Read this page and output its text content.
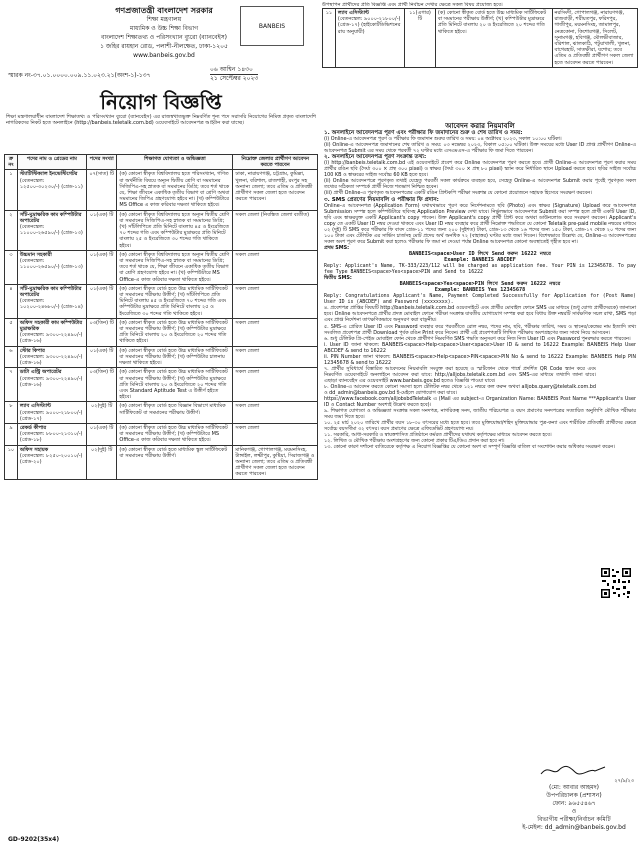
গণপ্রজাতন্ত্রী বাংলাদেশ সরকার
শিক্ষা মন্ত্রণালয়
মাধ্যমিক ও উচ্চ শিক্ষা বিভাগ
বাংলাদেশ শিক্ষাতথ্য ও পরিসংখ্যান ব্যুরো (ব্যানবেইস)
১ জহির রায়হান রোড, পলাশী-নীলক্ষেত, ঢাকা-১২০৫
www.banbeis.gov.bd
BANBEIS
স্মারক নং-৩৭.০১.০০০০.০০৯.১১.০২৩.২১(অংশ-১)-১৩৭
০৬ আশ্বিন ১৪৩০
২১ সেপ্টেম্বর ২০২৩
নিয়োগ বিজ্ঞপ্তি
শিক্ষা মন্ত্রণালয়াধীন বাংলাদেশ শিক্ষাতথ্য ও পরিসংখ্যান ব্যুরো (ব্যানবেইস) এর রাজস্বখাতভুক্ত নিম্নবর্ণিত শূন্য পদে সরাসরি নিয়োগের নিমিত্ত প্রকৃত বাংলাদেশি নাগরিকদের নিকট হতে অনলাইনে (http://banbeis.teletalk.com.bd) ওয়েবসাইটে আবেদনপত্র আহ্বান করা যাচ্ছে।
ক্র নং	পদের নাম ও গ্রেডের নাম	পদের সংখ্যা	শিক্ষাগত যোগ্যতা ও অভিজ্ঞতা	নিম্নোক্ত জেলার প্রার্থীগণ আবেদন করতে পারবেন
১	স্ট্যাটিস্টিক্যাল ইনভেস্টিগেটর
(বেতনস্কেল: ১২৫০০-৩০২৩০/-) (গ্রেড-১১)	০৭(সাত) টি	(ক) কোনো স্বীকৃত বিশ্ববিদ্যালয় হতে পরিসংখ্যান, গণিত বা অর্থনীতি বিষয়ে অন্যূন দ্বিতীয় শ্রেণি বা সমমানের সিজিপিএ-সহ স্নাতক বা সমমানের ডিগ্রি; তবে শর্ত থাকে যে, শিক্ষা জীবনে একাধিক তৃতীয় বিভাগ বা শ্রেণি অথবা সমমানের জিপিএ গ্রহণযোগ্য হইবে না। (খ) কম্পিউটারে MS Office এ কাজ করিবার দক্ষতা থাকিতে হইবে।	ঢাকা, নারায়ণগঞ্জ, চট্টগ্রাম, কুমিল্লা, খুলনা, বরিশাল, রাজশাহী, রংপুর সহ অন্যান্য জেলা; তবে এতিম ও প্রতিবন্ধী প্রার্থীগণ সকল জেলা হতে আবেদন করতে পারবেন।
২	সাঁট-মুদ্রাক্ষরিক কাম কম্পিউটার অপারেটর
(বেতনস্কেল: ১১০০০-২৬৫৯০/-) (গ্রেড-১৩)	০১(এক) টি	(ক) কোনো স্বীকৃত বিশ্ববিদ্যালয় হতে অন্যূন দ্বিতীয় শ্রেণি বা সমমানের সিজিপিএ-সহ স্নাতক বা সমমানের ডিগ্রি; (খ) সাঁটলিপিতে প্রতি মিনিটে বাংলায় ৪৫ ও ইংরেজিতে ৭০ শব্দের গতি এবং কম্পিউটার মুদ্রাক্ষরে প্রতি মিনিটে বাংলায় ২৫ ও ইংরেজিতে ৩০ শব্দের গতি থাকিতে হইবে।	সকল জেলা (নিবন্ধিত জেলা ব্যতীত)
৩	উচ্চমান সহকারী
(বেতনস্কেল: ১১০০০-২৬৫৯০/-) (গ্রেড-১৩)	০১(এক) টি	(ক) কোনো স্বীকৃত বিশ্ববিদ্যালয় হতে অন্যূন দ্বিতীয় শ্রেণি বা সমমানের সিজিপিএ-সহ স্নাতক বা সমমানের ডিগ্রি; তবে শর্ত থাকে যে, শিক্ষা জীবনে একাধিক তৃতীয় বিভাগ বা শ্রেণি গ্রহণযোগ্য হইবে না। (খ) কম্পিউটারে MS Office-এ কাজ করিবার দক্ষতা থাকিতে হইবে।	সকল জেলা
৪	সাঁট-মুদ্রাক্ষরিক কাম কম্পিউটার অপারেটর
(বেতনস্কেল: ১০২০০-২৪৬৮০/-) (গ্রেড-১৪)	০১(এক) টি	(ক) কোনো স্বীকৃত বোর্ড হতে উচ্চ মাধ্যমিক সার্টিফিকেট বা সমমানের পরীক্ষায় উত্তীর্ণ; (খ) সাঁটলিপিতে প্রতি মিনিটে বাংলায় ৪৫ ও ইংরেজিতে ৭০ শব্দের গতি এবং কম্পিউটার মুদ্রাক্ষরে প্রতি মিনিটে বাংলায় ২৫ ও ইংরেজিতে ৩০ শব্দের গতি থাকিতে হইবে।	সকল জেলা
৫	অফিস সহকারী কাম কম্পিউটার মুদ্রাক্ষরিক
(বেতনস্কেল: ৯৩০০-২২৪৯০/-) (গ্রেড-১৬)	০৩(তিন) টি	(ক) কোনো স্বীকৃত বোর্ড হতে উচ্চ মাধ্যমিক সার্টিফিকেট বা সমমানের পরীক্ষায় উত্তীর্ণ; (খ) কম্পিউটার মুদ্রাক্ষরে প্রতি মিনিটে বাংলায় ২০ ও ইংরেজিতে ২০ শব্দের গতি থাকিতে হইবে।	সকল জেলা
৬	স্টোর কিপার
(বেতনস্কেল: ৯৩০০-২২৪৯০/-) (গ্রেড-১৬)	০১(এক) টি	(ক) কোনো স্বীকৃত বোর্ড হতে উচ্চ মাধ্যমিক সার্টিফিকেট বা সমমানের পরীক্ষায় উত্তীর্ণ; (খ) কম্পিউটার চালনায় দক্ষতা থাকিতে হইবে।	সকল জেলা
৭	ডাটা এন্ট্রি অপারেটর
(বেতনস্কেল: ৯৩০০-২২৪৯০/-) (গ্রেড-১৬)	০৩(তিন) টি	(ক) কোনো স্বীকৃত বোর্ড হতে উচ্চ মাধ্যমিক সার্টিফিকেট বা সমমানের পরীক্ষায় উত্তীর্ণ; (খ) কম্পিউটার মুদ্রাক্ষরে প্রতি মিনিটে বাংলায় ২০ ও ইংরেজিতে ২০ শব্দের গতি এবং Standard Aptitude Test এ উত্তীর্ণ হইতে হইবে।	সকল জেলা
৮	ল্যাব এসিস্ট্যান্ট
(বেতনস্কেল: ৯০০০-২১৮০০/-) (গ্রেড-১৭)	০২(দুই) টি	(ক) কোনো স্বীকৃত বোর্ড হতে বিজ্ঞান বিভাগে মাধ্যমিক সার্টিফিকেট বা সমমানের পরীক্ষায় উত্তীর্ণ।	সকল জেলা
৯	রেকর্ড কীপার
(বেতনস্কেল: ৮৮০০-২১৩১০/-) (গ্রেড-১৮)	০১(এক) টি	(ক) কোনো স্বীকৃত বোর্ড হতে উচ্চ মাধ্যমিক সার্টিফিকেট বা সমমানের পরীক্ষায় উত্তীর্ণ; (খ) কম্পিউটারে MS Office-এ কাজ করিবার দক্ষতা থাকিতে হইবে।	সকল জেলা
১০	অফিস সহায়ক
(বেতনস্কেল: ৮২৫০-২০০১০/-) (গ্রেড-২০)	০২(দুই) টি	(ক) কোনো স্বীকৃত বোর্ড হতে মাধ্যমিক স্কুল সার্টিফিকেট বা সমমানের পরীক্ষায় উত্তীর্ণ।	মানিকগঞ্জ, গোপালগঞ্জ, ময়মনসিংহ, টাঙ্গাইল, লক্ষ্মীপুর, কুষ্টিয়া, সিরাজগঞ্জ ও অন্যান্য জেলা; তবে এতিম ও প্রতিবন্ধী প্রার্থীগণ সকল জেলা হতে আবেদন করতে পারবেন।
GD-9202(35x4)
উপস্থাপন প্রার্থীদের প্রতি বিজ্ঞপ্তি এবং প্রার্থী নির্বাচন দেখার ক্ষেত্রে সকল বিষয় প্রযোজ্য হবে।
১১	ল্যাব এসিস্ট্যান্ট
(বেতনস্কেল: ৯০০০-২১৮০০/-) (গ্রেড-১৭) (হাইকোর্টডিভিশনের রায় অনুযায়ী)
	১১(এগার) টি	(ক) কোনো স্বীকৃত বোর্ড হতে উচ্চ মাধ্যমিক সার্টিফিকেট বা সমমানের পরীক্ষায় উত্তীর্ণ; (খ) কম্পিউটার মুদ্রাক্ষরে প্রতি মিনিটে বাংলায় ২০ ও ইংরেজিতে ২০ শব্দের গতি থাকিতে হইবে।	নরসিংদী, গোপালগঞ্জ, নারায়ণগঞ্জ, রাজবাড়ী, শরীয়তপুর, ফরিদপুর, গাজীপুর, ময়মনসিংহ, জামালপুর, নেত্রকোনা, কিশোরগঞ্জ, সিলেট, সুনামগঞ্জ, হবিগঞ্জ, মৌলভীবাজার, বরিশাল, ঝালকাঠি, পটুয়াখালী, খুলনা, বাগেরহাট, সাতক্ষীরা, যশোর; তবে এতিম ও প্রতিবন্ধী প্রার্থীগণ সকল জেলা হতে আবেদন করতে পারবেন।
আবেদন করার নিয়মাবলি
১. অনলাইনে আবেদনপত্র পূরণ এবং পরীক্ষার ফি জমাদানের শুরু ও শেষ তারিখ ও সময়:
(i) Online-এ আবেদনপত্র পূরণ ও পরীক্ষার ফি জমাদান শুরুর তারিখ ও সময়: ০৪ অক্টোবর ২০২৩, সকাল ১০:০০ ঘটিকা।
(ii) Online-এ আবেদনপত্র জমাদানের শেষ তারিখ ও সময়: ০৩ নভেম্বর ২০২৩, বিকাল ০৫:০০ ঘটিকা। উক্ত সময়ের মধ্যে User ID প্রাপ্ত প্রার্থীগণ Online-এ আবেদনপত্র Submit এর সময় থেকে পরবর্তী ৭২ ঘণ্টার মধ্যে এসএমএস-এ পরীক্ষার ফি জমা দিতে পারবেন।
২. অনলাইনে আবেদনপত্র পূরণ সংক্রান্ত তথ্য:
(i) http://banbeis.teletalk.com.bd এই ওয়েবসাইটে প্রবেশ করে Online আবেদনপত্র পূরণ করতে হবে। প্রার্থী Online-এ আবেদনপত্র পূরণ করার সময় প্রার্থীর রঙিন ছবি (দৈর্ঘ্য ৩০০ × প্রস্থ ৩০০ pixel) ও স্বাক্ষর (দৈর্ঘ্য ৩০০ × প্রস্থ ৮০ pixel) স্ক্যান করে নির্ধারিত স্থানে Upload করতে হবে। ছবির সাইজ সর্বোচ্চ 100 KB ও স্বাক্ষরের সাইজ সর্বোচ্চ 60 KB হতে হবে।
(ii) Online আবেদনপত্রে পূরণকৃত তথ্যই যেহেতু পরবর্তী সকল কার্যক্রমে ব্যবহৃত হবে, সেহেতু Online-এ আবেদনপত্র Submit করার পূর্বেই পূরণকৃত সকল তথ্যের সঠিকতা সম্পর্কে প্রার্থী নিজে শতভাগ নিশ্চিত হবেন।
(iii) প্রার্থী Online-এ পূরণকৃত আবেদনপত্রের একটি রঙিন প্রিন্টকপি পরীক্ষা সংক্রান্ত যে কোনো প্রয়োজনে সহায়ক হিসেবে সংরক্ষণ করবেন।
৩. SMS প্রেরণের নিয়মাবলি ও পরীক্ষার ফি প্রদান:
Online-এ আবেদনপত্র (Application Form) যথাযথভাবে পূরণ করে নির্দেশনামতে ছবি (Photo) এবং স্বাক্ষর (Signature) Upload করে আবেদনপত্র Submission সম্পন্ন হলে কম্পিউটারে ছবিসহ Application Preview দেখা যাবে। নির্ভুলভাবে আবেদনপত্র Submit করা সম্পন্ন হলে প্রার্থী একটি User ID, ছবি এবং স্বাক্ষরযুক্ত একটি Applicant's copy পাবেন। উক্ত Applicant's copy প্রার্থী প্রিন্ট করে অথবা ডাউনলোড করে সংরক্ষণ করবেন। Applicant's copy তে একটি User ID নম্বর দেওয়া থাকবে এবং User ID নম্বর ব্যবহার করে প্রার্থী নিম্নোক্ত পদ্ধতিতে যে কোনো Teletalk pre-paid mobile নম্বরের মাধ্যমে ০২ (দুই) টি SMS করে পরীক্ষার ফি বাবদ গ্রেড-১১ পদের জন্য ২০০ (দুইশত) টাকা, গ্রেড-১৩ থেকে ১৬ পদের জন্য ১৫০ টাকা, গ্রেড-১৭ থেকে ২০ পদের জন্য ১০০ টাকা এবং টেলিটক এর সার্ভিস চার্জসহ মোট প্রদেয় অর্থ অনধিক ৭২ (বাহাত্তর) ঘণ্টার মধ্যে জমা দিবেন। বিশেষভাবে উল্লেখ্য যে, Online-এ আবেদনপত্রের সকল অংশ পূরণ করে Submit করা হলেও পরীক্ষার ফি জমা না দেওয়া পর্যন্ত Online আবেদনপত্র কোনো অবস্থাতেই গৃহীত হবে না।
প্রথম SMS:
BANBEIS<space>User ID লিখে Send করুন 16222 নম্বরে
Example: BANBEIS ABCDEF
Reply: Applicant's Name, TK-333/223/112 will be charged as application fee. Your PIN is 12345678. To pay fee Type BANBEIS<space>Yes<space>PIN and Send to 16222
দ্বিতীয় SMS:
BANBEIS<space>Yes<space>PIN লিখে Send করুন 16222 নম্বরে
Example: BANBEIS Yes 12345678
Reply: Congratulations Applicant's Name, Payment Completed Successfully for Application for (Post Name) User ID is (ABCDEF) and Password (xxxxxxxx).
৪. প্রবেশপত্র প্রাপ্তির বিষয়টি http://banbeis.teletalk.com.bd ওয়েবসাইটে এবং প্রার্থীর মোবাইল ফোনে SMS এর মাধ্যমে (শুধু যোগ্য প্রার্থীদেরকে) জানানো হবে। Online আবেদনপত্রে প্রার্থীর প্রদত্ত মোবাইল ফোনে পরীক্ষা সংক্রান্ত যাবতীয় যোগাযোগ সম্পন্ন করা হবে বিধায় উক্ত নম্বরটি সার্বক্ষণিক সচল রাখা, SMS পড়া এবং প্রাপ্ত নির্দেশনা তাৎক্ষণিকভাবে অনুসরণ করা বাঞ্ছনীয়।
৫. SMS-এ প্রেরিত User ID এবং Password ব্যবহার করে পরবর্তীতে রোল নম্বর, পদের নাম, ছবি, পরীক্ষার তারিখ, সময় ও স্থানের/কেন্দ্রের নাম ইত্যাদি তথ্য সংবলিত প্রবেশপত্র প্রার্থী Download পূর্বক রঙিন Print করে নিবেন। প্রার্থী এই প্রবেশপত্রটি লিখিত পরীক্ষায় অংশগ্রহণের জন্য সাথে নিয়ে আসবেন।
৬. শুধু টেলিটক প্রি-পেইড মোবাইল ফোন থেকে প্রার্থীগণ নিম্নবর্ণিত SMS পদ্ধতি অনুসরণ করে নিজ নিজ User ID এবং Password পুনরুদ্ধার করতে পারবেন।
i. User ID জানা থাকলে: BANBEIS<space>Help<space>User<space>User ID & send to 16222 Example: BANBEIS Help User ABCDEF & send to 16222
ii. PIN Number জানা থাকলে: BANBEIS<space>Help<space>PIN<space>PIN No & send to 16222 Example: BANBEIS Help PIN 12345678 & send to 16222
৭. প্রার্থীর সুবিধার্থে বিস্তারিত আবেদনের নিয়মাবলি সংযুক্ত করা হয়েছে ও স্মার্টফোন থেকে পার্শ্বে প্রদর্শিত QR Code স্ক্যান করে এবং নিম্নবর্ণিত ওয়েবসাইটে অনলাইনে আবেদন করা যাবে: http://alljobs.teletalk.com.bd এবং SMS-এর মাধ্যমে তথ্যাদি জানা যাবে। এছাড়া ব্যানবেইস এর ওয়েবসাইট www.banbeis.gov.bd হতেও বিজ্ঞপ্তি পাওয়া যাবে।
৮. Online-এ আবেদন করতে কোনো সমস্যা হলে টেলিটক নম্বর থেকে ১২১ নম্বরে কল করুন অথবা alljobs.query@teletalk.com.bd ও dd_admin@banbeis.gov.bd ই-মেইলে যোগাযোগ করা যাবে।
https://www.facebook.com/alljobsbdTeletalk এ (Mail এর subject-এ Organization Name: BANBEIS Post Name ***Applicant's User ID ও Contact Number অবশ্যই উল্লেখ করতে হবে)।
৯. শিক্ষাগত যোগ্যতা ও অভিজ্ঞতা সংক্রান্ত সকল সনদপত্র, নাগরিকত্ব সনদ, জাতীয় পরিচয়পত্র ও বয়স প্রমাণের সনদপত্রের সত্যায়িত অনুলিপি মৌখিক পরীক্ষার সময় জমা দিতে হবে।
১০. ২৫ মার্চ ২০২০ তারিখে প্রার্থীর বয়স ১৮-৩০ বৎসরের মধ্যে হতে হবে। তবে মুক্তিযোদ্ধা/শহিদ মুক্তিযোদ্ধার পুত্র-কন্যা এবং শারীরিক প্রতিবন্ধী প্রার্থীদের ক্ষেত্রে সর্বোচ্চ বয়সসীমা ৩২ বৎসর। বয়স প্রমাণের ক্ষেত্রে এফিডেভিট গ্রহণযোগ্য নয়।
১১. সরকারি, আধা-সরকারি ও স্বায়ত্তশাসিত প্রতিষ্ঠানে কর্মরত প্রার্থীদের যথাযথ কর্তৃপক্ষের মাধ্যমে আবেদন করতে হবে।
১২. লিখিত ও মৌখিক পরীক্ষায় অংশগ্রহণের জন্য কোনো প্রকার টিএ/ডিএ প্রদান করা হবে না।
১৩. কোনো কারণ দর্শানো ব্যতিরেকে কর্তৃপক্ষ এ নিয়োগ বিজ্ঞপ্তির যে কোনো অংশ বা সম্পূর্ণ বিজ্ঞপ্তি বাতিল বা সংশোধন করার অধিকার সংরক্ষণ করেন।
২৭/৯/২৩
(মো: আবার আহমদ)
উপপরিচালক (প্রশাসন)
ফোন: ৯৬৫৫৪৬৭
ও
বিভাগীয় পরীক্ষা/নির্বাচন কমিটি
ই-মেইল: dd_admin@banbeis.gov.bd
